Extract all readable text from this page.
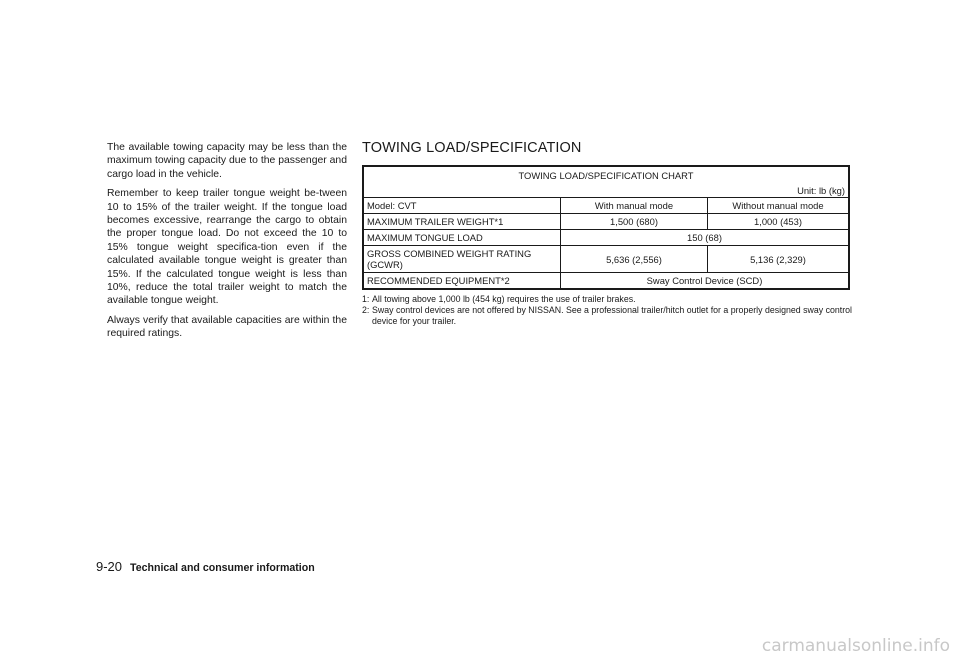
The available towing capacity may be less than the maximum towing capacity due to the passenger and cargo load in the vehicle.

Remember to keep trailer tongue weight be-tween 10 to 15% of the trailer weight. If the tongue load becomes excessive, rearrange the cargo to obtain the proper tongue load. Do not exceed the 10 to 15% tongue weight specifica-tion even if the calculated available tongue weight is greater than 15%. If the calculated tongue weight is less than 10%, reduce the total trailer weight to match the available tongue weight.

Always verify that available capacities are within the required ratings.

TOWING LOAD/SPECIFICATION
TOWING LOAD/SPECIFICATION CHART
Unit: lb (kg)		

Model: CVT	With manual mode	Without manual mode
MAXIMUM TRAILER WEIGHT*1	1,500 (680)	1,000 (453)
MAXIMUM TONGUE LOAD	150 (68)	
GROSS COMBINED WEIGHT RATING (GCWR)	5,636 (2,556)	5,136 (2,329)
RECOMMENDED EQUIPMENT*2	Sway Control Device (SCD)	
1: All towing above 1,000 lb (454 kg) requires the use of trailer brakes.
2: Sway control devices are not offered by NISSAN. See a professional trailer/hitch outlet for a properly designed sway control device for your trailer.
9-20 Technical and consumer information
carmanualsonline.info
